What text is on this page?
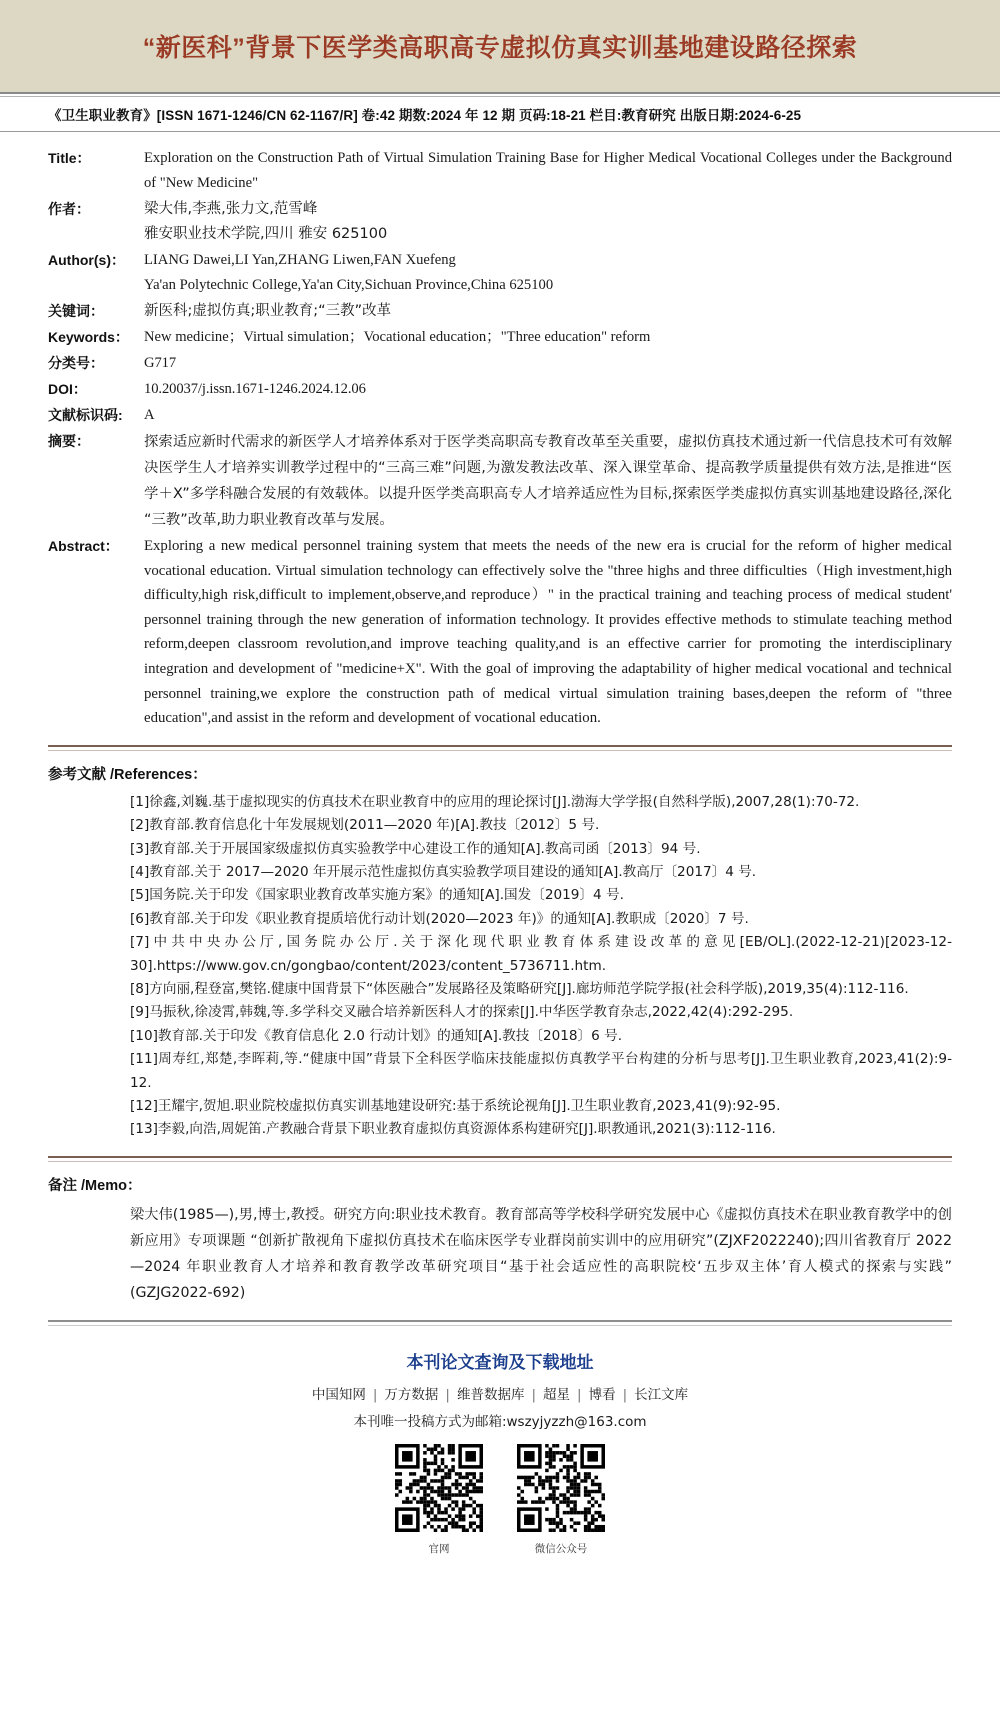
“新医科”背景下医学类高职高专虚拟仿真实训基地建设路径探索
《卫生职业教育》[ISSN 1671-1246/CN 62-1167/R] 卷:42 期数:2024 年 12 期 页码:18-21 栏目:教育研究 出版日期:2024-6-25
Title：	Exploration on the Construction Path of Virtual Simulation Training Base for Higher Medical Vocational Colleges under the Background of "New Medicine"
作者：	梁大伟,李燕,张力文,范雪峰
雅安职业技术学院,四川 雅安 625100
Author(s)：	LIANG Dawei,LI Yan,ZHANG Liwen,FAN Xuefeng
Ya'an Polytechnic College,Ya'an City,Sichuan Province,China 625100
关键词：	新医科;虚拟仿真;职业教育;“三教”改革
Keywords：	New medicine；Virtual simulation；Vocational education；"Three education" reform
分类号：	G717
DOI：	10.20037/j.issn.1671-1246.2024.12.06
文献标识码:	A
摘要：	探索适应新时代需求的新医学人才培养体系对于医学类高职高专教育改革至关重要，虚拟仿真技术通过新一代信息技术可有效解决医学生人才培养实训教学过程中的“三高三难”问题,为激发教法改革、深入课堂革命、提高教学质量提供有效方法,是推进“医学＋X”多学科融合发展的有效载体。以提升医学类高职高专人才培养适应性为目标,探索医学类虚拟仿真实训基地建设路径,深化“三教”改革,助力职业教育改革与发展。
Abstract：	Exploring a new medical personnel training system that meets the needs of the new era is crucial for the reform of higher medical vocational education. Virtual simulation technology can effectively solve the "three highs and three difficulties（High investment,high difficulty,high risk,difficult to implement,observe,and reproduce）" in the practical training and teaching process of medical student' personnel training through the new generation of information technology. It provides effective methods to stimulate teaching method reform,deepen classroom revolution,and improve teaching quality,and is an effective carrier for promoting the interdisciplinary integration and development of "medicine+X". With the goal of improving the adaptability of higher medical vocational and technical personnel training,we explore the construction path of medical virtual simulation training bases,deepen the reform of "three education",and assist in the reform and development of vocational education.
参考文献 /References：

[1]徐鑫,刘巍.基于虚拟现实的仿真技术在职业教育中的应用的理论探讨[J].渤海大学学报(自然科学版),2007,28(1):70-72.

[2]教育部.教育信息化十年发展规划(2011—2020 年)[A].教技〔2012〕5 号.

[3]教育部.关于开展国家级虚拟仿真实验教学中心建设工作的通知[A].教高司函〔2013〕94 号.

[4]教育部.关于 2017—2020 年开展示范性虚拟仿真实验教学项目建设的通知[A].教高厅〔2017〕4 号.

[5]国务院.关于印发《国家职业教育改革实施方案》的通知[A].国发〔2019〕4 号.

[6]教育部.关于印发《职业教育提质培优行动计划(2020—2023 年)》的通知[A].教职成〔2020〕7 号.

[7]中共中央办公厅,国务院办公厅.关于深化现代职业教育体系建设改革的意见[EB/OL].(2022-12-21)[2023-12-30].https://www.gov.cn/gongbao/content/2023/content_5736711.htm.

[8]方向丽,程登富,樊铭.健康中国背景下“体医融合”发展路径及策略研究[J].廊坊师范学院学报(社会科学版),2019,35(4):112-116.

[9]马振秋,徐凌霄,韩魏,等.多学科交叉融合培养新医科人才的探索[J].中华医学教育杂志,2022,42(4):292-295.

[10]教育部.关于印发《教育信息化 2.0 行动计划》的通知[A].教技〔2018〕6 号.

[11]周寿红,郑楚,李晖莉,等.“健康中国”背景下全科医学临床技能虚拟仿真教学平台构建的分析与思考[J].卫生职业教育,2023,41(2):9-12.

[12]王耀宇,贺旭.职业院校虚拟仿真实训基地建设研究:基于系统论视角[J].卫生职业教育,2023,41(9):92-95.

[13]李毅,向浩,周妮笛.产教融合背景下职业教育虚拟仿真资源体系构建研究[J].职教通讯,2021(3):112-116.

备注 /Memo：
梁大伟(1985—),男,博士,教授。研究方向:职业技术教育。教育部高等学校科学研究发展中心《虚拟仿真技术在职业教育教学中的创新应用》专项课题 “创新扩散视角下虚拟仿真技术在临床医学专业群岗前实训中的应用研究”(ZJXF2022240);四川省教育厅 2022—2024 年职业教育人才培养和教育教学改革研究项目“基于社会适应性的高职院校‘五步双主体’育人模式的探索与实践”(GZJG2022-692)
本刊论文查询及下载地址
中国知网 | 万方数据 | 维普数据库 | 超星 | 博看 | 长江文库
本刊唯一投稿方式为邮箱:wszyjyzzh@163.com
官网	微信公众号
